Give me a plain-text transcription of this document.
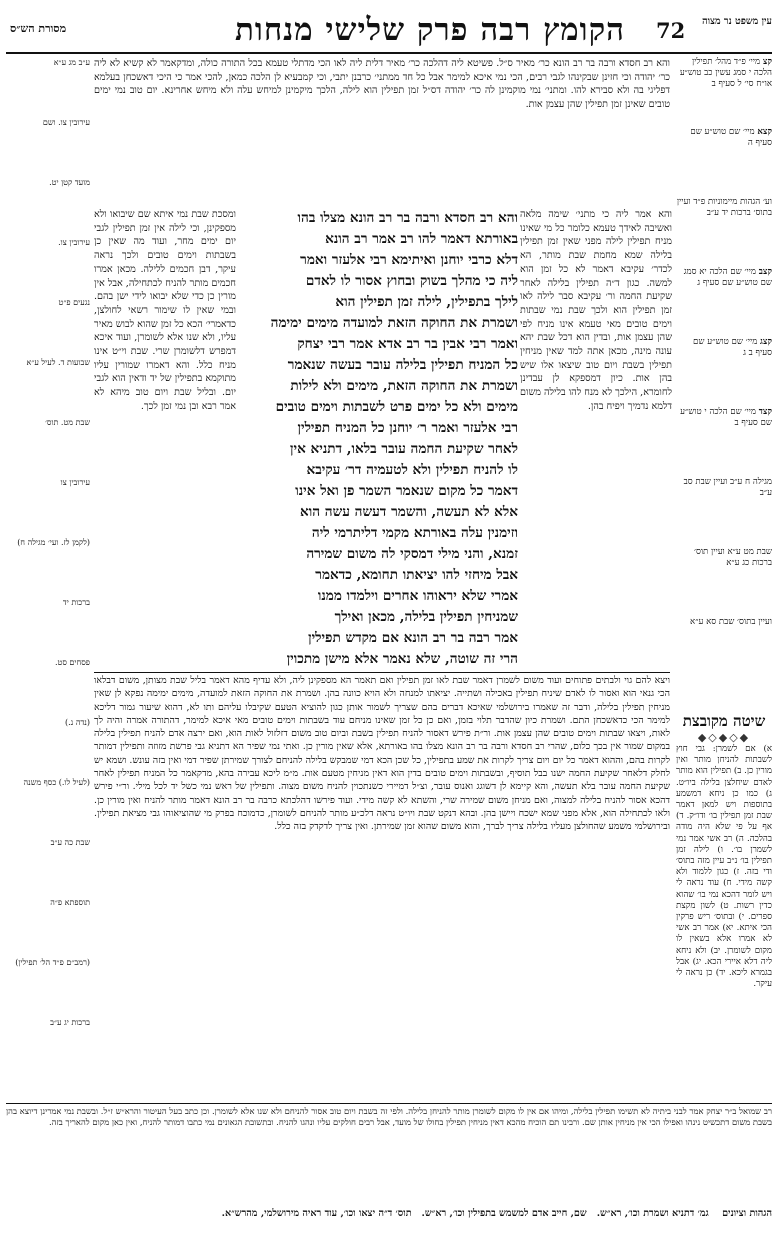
עין משפט נר מצוה
72
הקומץ רבה פרק שלישי מנחות
מסורת הש״ס

והא רב חסדא ורבה בר רב הונא כר׳ מאיר ס״ל. פשיטא ליה דהלכה כר׳ מאיר דלית ליה לאו הכי מדתלי טעמא בכל התורה כולה, ומדקאמר לא קשיא לא ליה כר׳ יהודה וכי חזינן שבקינהו לגבי רבים, הכי נמי איכא למימר אבל כל חד ממתני׳ כרבנן יתבי, וכי קמבעיא לן הלכה כמאן, להכי אמר כי היכי דאשכחן בעלמא דפליגי בה ולא סבירא להו. ומתני׳ נמי מוקמינן לה כר׳ יהודה דס״ל זמן תפילין הוא לילה, הלכך מיקמינן למיחש עלה ולא מיחש אחרינא. יום טוב נמי ימים טובים שאינן זמן תפילין שהן עצמן אות.

והא אמר ליה כי מתני׳ שימה מלאה ואשיבה לאידך טעמא כלומר כל מי שאינו מניח תפילין לילה מפני שאין זמן תפילין בלילה שמא מחמת שבת מותר, הא לכדר׳ עקיבא דאמר לא כל זמן הוא למשה. כגון ד״ה תפילין בלילה לאחר שקיעת החמה ור׳ עקיבא סבר לילה לאו זמן תפילין הוא ולכך שבת נמי שבתות וימים טובים מאי טעמא אינו מניח לפי שהן עצמן אות, ובדין הוא דכל שבת יהא עונה מינה, מכאן אתה למד שאין מניחין תפילין בשבת ויום טוב שיצאו אלו שיש בהן אות. כיון דמספקא לן עבדינן לחומרא, הילכך לא מנח להו בלילה משום דלמא נדמיך ויפיח בהן.

והא רב חסדא ורבה בר רב הונא מצלו בהו

באורתא דאמר להו רב אמר רב הונא

דלא כרבי יוחנן ואיתימא רבי אלעזר ואמר

ליה כי מהלך בשוק ובחוץ אסור לו לאדם

לילך בתפילין, לילה זמן תפילין הוא

ושמרת את החוקה הזאת למועדה מימים ימימה

ואמר רבי אבין בר רב אדא אמר רבי יצחק

כל המניח תפילין בלילה עובר בעשה שנאמר

ושמרת את החוקה הזאת, מימים ולא לילות

מימים ולא כל ימים פרט לשבתות וימים טובים

רבי אלעזר ואמר ר׳ יוחנן כל המניח תפילין

לאחר שקיעת החמה עובר בלאו, דתניא אין

לו להניח תפילין ולא לטעמיה דר׳ עקיבא

דאמר כל מקום שנאמר השמר פן ואל אינו

אלא לא תעשה, והשמר דעשה עשה הוא

וזימנין עלה באורתא מקמי דליתרמי ליה

זמנא, והני מילי דמסקי לה משום שמירה

אבל מיחזי להו יציאתו תחומא, כדאמר

אמרי שלא יראוהו אחרים וילמדו ממנו

שמניחין תפילין בלילה, מכאן ואילך

אמר רבה בר רב הונא אם מקדש תפילין

הרי זה שוטה, שלא נאמר אלא מישן מתכוין

ומסכת שבת נמי איתא שם שיבואו ולא מספקינן, וכי לילה אין זמן תפילין לגבי יום ימים מחר, ועוד מה שאין כן בשבתות וימים טובים ולכך נראה עיקר, דבן חכמים ללילה. מכאן אמרו חכמים מותר להניח לכתחילה, אבל אין מורין כן כדי שלא יבואו לידי ישן בהם. ובמי שאין לו שימור רשאי לחולצן, כדאמרי׳ הכא כל זמן שהוא לבוש מאיר עליו, ולא שנו אלא לשומרן, ועוד איכא דמפרש דלשומרן שרי. שבת וי״ט אינו מניח כלל. והא דאמרו שמורין עליו מתוקמא בתפילין של יד ודאין הוא לגבי יום. ובליל שבת ויום טוב מיהא לא אמר רבא ובן נמי זמן לכך.

ויצא להם גוי ולבתים פתוחים ועוד משום לשמרן דאמר שבת לאו זמן תפילין ואם תאמר הא מספקינן ליה, ולא עדיף מהא דאמר בליל שבת מצותן, משום דבלאו הכי גנאי הוא ואסור לו לאדם שיניח תפילין באכילה ושתייה. יציאתו למנחה ולא הויא כוונה בהן. ושמרת את החוקה הזאת למועדה, מימים ימימה נפקא לן שאין מניחין תפילין בלילה, ודבר זה שאמרו בירושלמי שאיכא דברים בהם שצריך לשמור אותן כגון להוציא הטעם שקיבלו עליהם ותו לא, דהוא שיעור גמור דליכא למימר הכי כדאשכחן התם. ושמרת כיון שהדבר תלוי בזמן, ואם כן כל זמן שאינו מניחם עוד בשבתות וימים טובים מאי איכא למימר, דהתורה אמרה והיה לך לאות, ויצאו שבתות וימים טובים שהן עצמן אות. ור״ת פירש דאסור להניח תפילין בשבת וביום טוב משום דזלזול לאות הוא, ואם ירצה אדם להניח תפילין בלילה במקום שמור אין בכך כלום, שהרי רב חסדא ורבה בר רב הונא מצלו בהו באורתא, אלא שאין מורין כן. ואתי נמי שפיר הא דתניא גבי פרשת מזוזה ותפילין דמותר לקרות בהם, וההוא דאמר כל יום ויום צריך לקרות את שמע בתפילין, כל שכן הכא דמי שמבקש בלילה להניחם לצורך שמירתן שפיר דמי ואין בזה עונש. ושמא יש לחלק דלאחר שקיעת החמה ישנו בבל תוסיף, ובשבתות וימים טובים בדין הוא דאין מניחין מטעם אות. מ״מ ליכא עבירה בהא, מדקאמר כל המניח תפילין לאחר שקיעת החמה עובר בלא תעשה, והא קיימא לן דשוגג ואנוס עובר, וצ״ל דמיירי כשנתכוין להניח משום מצוה. ותפילין של ראש נמי כשל יד לכל מילי. ור״י פירש דהכא אסור להניח בלילה למצוה, ואם מניחן משום שמירה שרי, והשתא לא קשה מידי. ועוד פירשו דהלכתא כרבה בר רב הונא דאמר מותר להניח ואין מורין כן. ולאו לכתחילה הוא, אלא מפני שמא ישכח ויישן בהן. ובהא דנקט שבת ויו״ט נראה דלכ״ע מותר להניחם לשומרן, כדמוכח בפרק מי שהוציאוהו גבי מציאת תפילין. ובירושלמי משמע שהחולצן מעליו בלילה צריך לברך, והוא משום שהוא זמן שמירתן. ואין צריך לדקדק בזה כלל.

קצ מיי׳ פ״ד מהל׳ תפילין הלכה י סמג עשין כב טוש״ע או״ח סי׳ ל סעיף ב
קצא מיי׳ שם טוש״ע שם סעיף ה
וע׳ הגהות מיימוניות פ״ד ועיין בתוס׳ ברכות יד ע״ב
קצב מיי׳ שם הלכה יא סמג שם טוש״ע שם סעיף ג
קצג מיי׳ שם טוש״ע שם סעיף ב ג
קצד מיי׳ שם הלכה י טוש״ע שם סעיף ב
מגילה ח ע״ב ועיין שבת סב ע״ב
שבת מט ע״א ועיין תוס׳ ברכות כג ע״א
ועיין בתוס׳ שבת סא ע״א
שיטה מקובצת
◆◇◆◇◆
א) אם לשמרן: גבי חוץ לשבתות להניחן מותר ואין מורין כן. ב) תפילין הוא מותר לאדם שיחלצן בלילה ביו״ט. ג) כמו כן ניחא דמשמע בתוספות ויש למאן דאמר שבת זמן תפילין בו׳ ודו״ק. ד) אף על פי שלא היה מודה בהלכה. ה) רב אשי אמר נמי לשמרן בו׳. ו) לילה זמן תפילין בו׳ נ״ב עיין מזה בתוס׳ ודי בזה. ז) כגון ללמוד ולא קשה מידי. ח) עוד נראה לי ויש לומר דהכא נמי בו׳ שהוא כדין רשות. ט) לשון מקצת ספרים. י) ובתוס׳ ריש פרקין הכי איתא. יא) אמר רב אשי לא אמרו אלא בשאין לו מקום לשומרן. יב) ולא ניחא ליה דלא איירי הכא. יג) אבל בגמרא ליכא. יד) כן נראה לי עיקר.
ע״ב מג ע״א
עירובין צו. ושם
מועד קטן יט.
עירובין צו.
נגעים פ״ט
שבועות ד. לעיל ע״א
שבת מט. תוס׳
עירובין צו
(לקמן לז. ועי׳ מגילה ח)
ברכות יד
פסחים סט.
(נדה נ.)
(לעיל לו.) כסף משנה
שבת כה ע״ב
תוספתא פ״ה
(רמב״ם פ״ד הל׳ תפילין)
ברכות יג ע״ב
רב שמואל ב״ר יצחק אמר לבני ביתיה לא תשימו תפילין בלילה, ומיהו אם אין לו מקום לשומרן מותר להניחן בלילה. ולפי זה בשבת ויום טוב אסור להניחם ולא שנו אלא לשומרן. וכן כתב בעל העיטור והרא״ש ז״ל. ובשבת נמי אמרינן דיוצא בהן בשבת משום דתכשיט נינהו ואפילו הכי אין מניחין אותן שם. ורבינו תם הוכיח מהכא דאין מניחין תפילין בחולו של מועד, אבל רבים חולקים עליו ונהגו להניח. ובתשובת הגאונים נמי כתבו דמותר להניח, ואין כאן מקום להאריך בזה.
הגהות וציונים גמ׳ דתניא ושמרת וכו׳, רא״ש.שם, חייב אדם למשמש בתפילין וכו׳, רא״ש.תוס׳ ד״ה יצאו וכו׳, עוד ראיה מירושלמי, מהרש״א.
